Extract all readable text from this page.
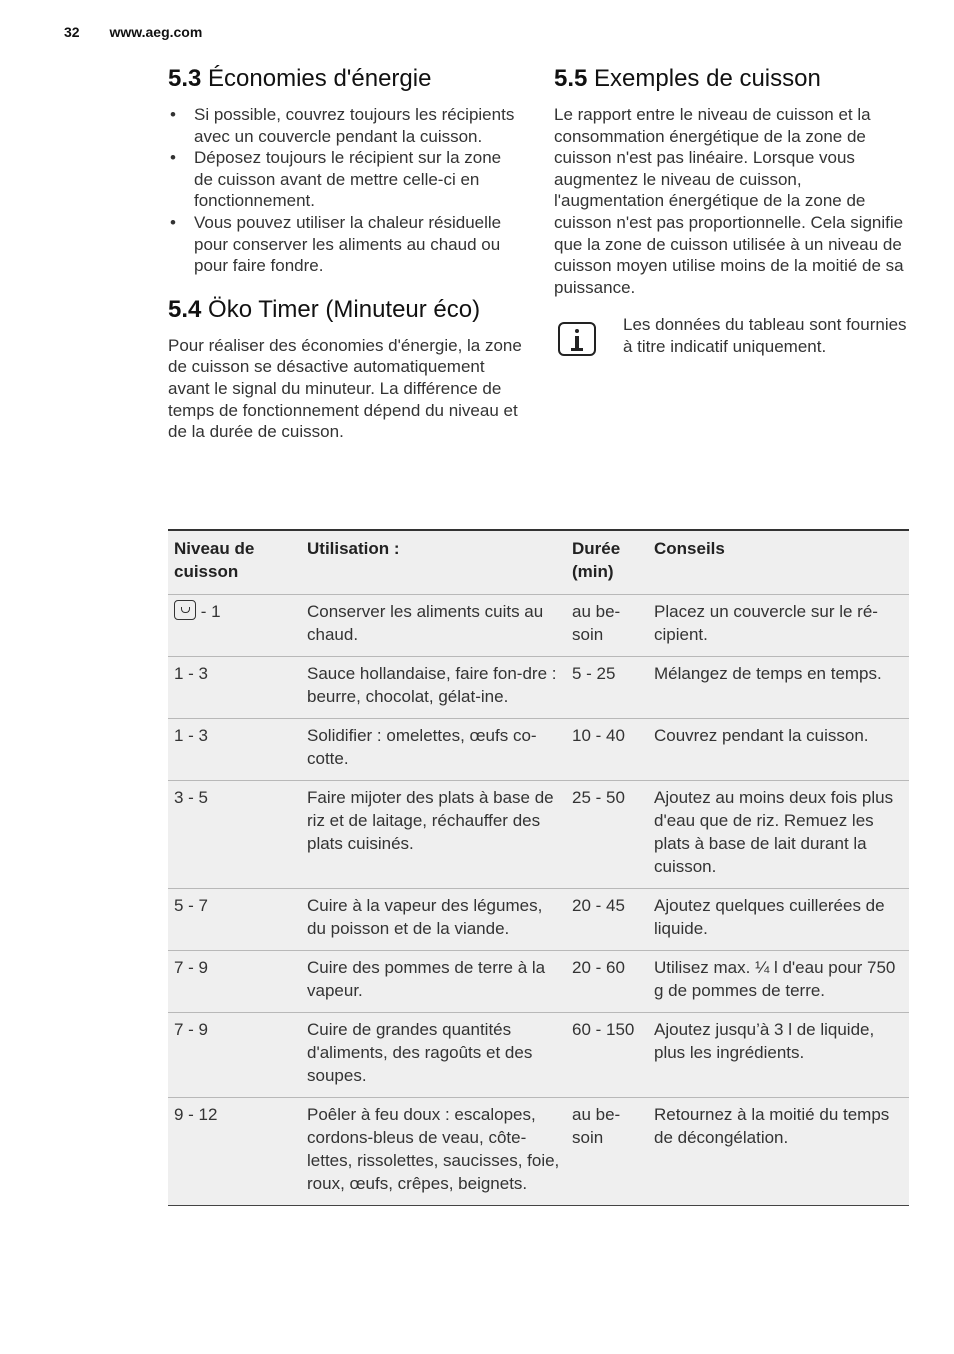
32 www.aeg.com
5.3 Économies d'énergie
• Si possible, couvrez toujours les récipients avec un couvercle pendant la cuisson.
• Déposez toujours le récipient sur la zone de cuisson avant de mettre celle-ci en fonctionnement.
• Vous pouvez utiliser la chaleur résiduelle pour conserver les aliments au chaud ou pour faire fondre.
5.4 Öko Timer (Minuteur éco)

Pour réaliser des économies d'énergie, la zone de cuisson se désactive automatiquement avant le signal du minuteur. La différence de temps de fonctionnement dépend du niveau et de la durée de cuisson.

5.5 Exemples de cuisson

Le rapport entre le niveau de cuisson et la consommation énergétique de la zone de cuisson n'est pas linéaire. Lorsque vous augmentez le niveau de cuisson, l'augmentation énergétique de la zone de cuisson n'est pas proportionnelle. Cela signifie que la zone de cuisson utilisée à un niveau de cuisson moyen utilise moins de la moitié de sa puissance.

Les données du tableau sont fournies à titre indicatif uniquement.

Niveau de cuisson	Utilisation :	Durée (min)	Conseils
- 1	Conserver les aliments cuits au chaud.	au be-soin	Placez un couvercle sur le ré-cipient.
1 - 3	Sauce hollandaise, faire fon-dre : beurre, chocolat, gélat-ine.	5 - 25	Mélangez de temps en temps.
1 - 3	Solidifier : omelettes, œufs co-cotte.	10 - 40	Couvrez pendant la cuisson.
3 - 5	Faire mijoter des plats à base de riz et de laitage, réchauffer des plats cuisinés.	25 - 50	Ajoutez au moins deux fois plus d'eau que de riz. Remuez les plats à base de lait durant la cuisson.
5 - 7	Cuire à la vapeur des légumes, du poisson et de la viande.	20 - 45	Ajoutez quelques cuillerées de liquide.
7 - 9	Cuire des pommes de terre à la vapeur.	20 - 60	Utilisez max. ¼ l d'eau pour 750 g de pommes de terre.
7 - 9	Cuire de grandes quantités d'aliments, des ragoûts et des soupes.	60 - 150	Ajoutez jusqu’à 3 l de liquide, plus les ingrédients.
9 - 12	Poêler à feu doux : escalopes, cordons-bleus de veau, côte-lettes, rissolettes, saucisses, foie, roux, œufs, crêpes, beignets.	au be-soin	Retournez à la moitié du temps de décongélation.
